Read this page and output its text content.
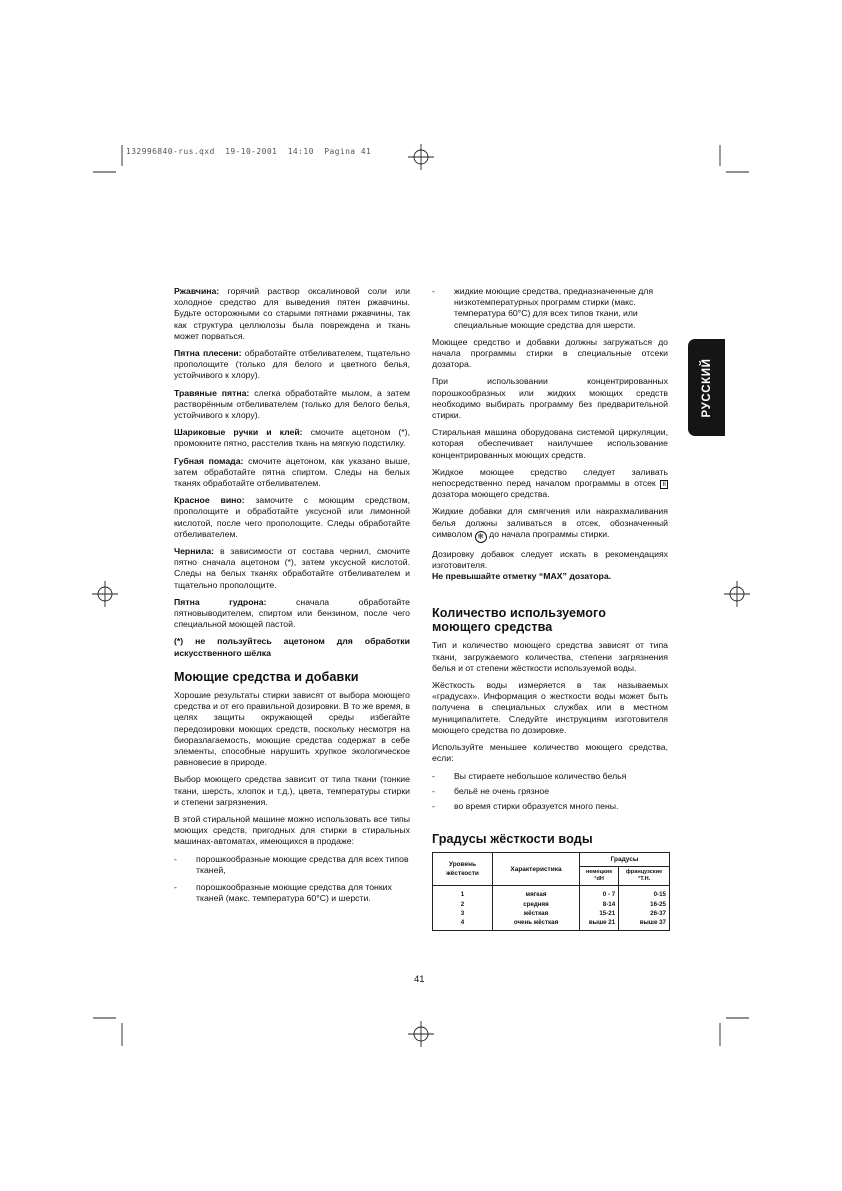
132996840-rus.qxd  19-10-2001  14:10  Pagina 41

РУССКИЙ

Ржавчина: горячий раствор окcaлиновой соли или холодное средство для выведения пятен ржавчины. Будьте осторожными со старыми пятнами ржавчины, так как структура целлюлозы была повреждена и ткань может порваться.

Пятна плесени: обработайте отбеливателем, тщательно прополощите (только для белого и цветного белья, устойчивого к хлору).

Травяные пятна: слегка обработайте мылом, а затем растворённым отбеливателем (только для белого белья, устойчивого к хлору).

Шариковые ручки и клей: смочите ацетоном (*), промокните пятно, расстелив ткань на мягкую подстилку.

Губная помада: смочите ацетоном, как указано выше, затем обработайте пятна спиртом. Следы на белых тканях обработайте отбеливателем.

Красное вино: замочите с моющим средством, прополощите и обработайте уксусной или лимонной кислотой, после чего прополощите. Следы обработайте отбеливателем.

Чернила: в зависимости от состава чернил, смочите пятно сначала ацетоном (*), затем уксусной кислотой. Следы на белых тканях обработайте отбеливателем и тщательно прополощите.

Пятна гудрона: сначала обработайте пятновыводителем, спиртом или бензином, после чего специальной моющей пастой.

(*) не пользуйтесь ацетоном для обработки искусственного шёлка

Моющие средства и добавки

Хорошие результаты стирки зависят от выбора моющего средства и от его правильной дозировки. В то же время, в целях защиты окружающей среды избегайте передозировки моющих средств, поскольку несмотря на биоразлагаемость, моющие средства содержат в себе элементы, способные нарушить хрупкое экологическое равновесие в природе.

Выбор моющего средства зависит от типа ткани (тонкие ткани, шерсть, хлопок и т.д.), цвета, температуры стирки и степени загрязнения.

В этой стиральной машине можно использовать все типы моющих средств, пригодных для стирки в стиральных машинах-автоматах, имеющихся в продаже:

- порошкообразные моющие средства для всех типов тканей,
- порошкообразные моющие средства для тонких тканей (макс. температура 60°C) и шерсти.
- жидкие моющие средства, предназначенные для низкотемпературных программ стирки (макс. температура 60°C) для всех типов ткани, или специальные моющие средства для шерсти.

Моющее средство и добавки должны загружаться до начала программы стирки в специальные отсеки дозатора.

При использовании концентрированных порошкообразных или жидких моющих средств необходимо выбирать программу без предварительной стирки.

Стиральная машина оборудована системой циркуляции, которая обеспечивает наилучшее использование концентрированных моющих средств.

Жидкое моющее средство следует заливать непосредственно перед началом программы в отсек II дозатора моющего средства.

Жидкие добавки для смягчения или накрахмаливания белья должны заливаться в отсек, обозначенный символом ❄ до начала программы стирки.

Дозировку добавок следует искать в рекомендациях изготовителя.
Не превышайте отметку “MAX” дозатора.

Количество используемого моющего средства

Тип и количество моющего средства зависят от типа ткани, загружаемого количества, степени загрязнения белья и от степени жёсткости используемой воды.

Жёсткость воды измеряется в так называемых «градусах». Информация о жесткости воды может быть получена в специальных службах или в местном муниципалитете. Следуйте инструкциям изготовителя моющего средства по дозировке.

Используйте меньшее количество моющего средства, если:

- Вы стираете небольшое количество белья
- бельё не очень грязное
- во время стирки образуется много пены.
Градусы жёсткости воды
Уровень жёсткости	Характеристика	Градусы	
		немецкие °dH	французские °T.H.
1	мягкая	0 - 7	0-15
2	средняя	8-14	16-25
3	жёсткая	15-21	26-37
4	очень жёсткая	выше 21	выше 37

41
